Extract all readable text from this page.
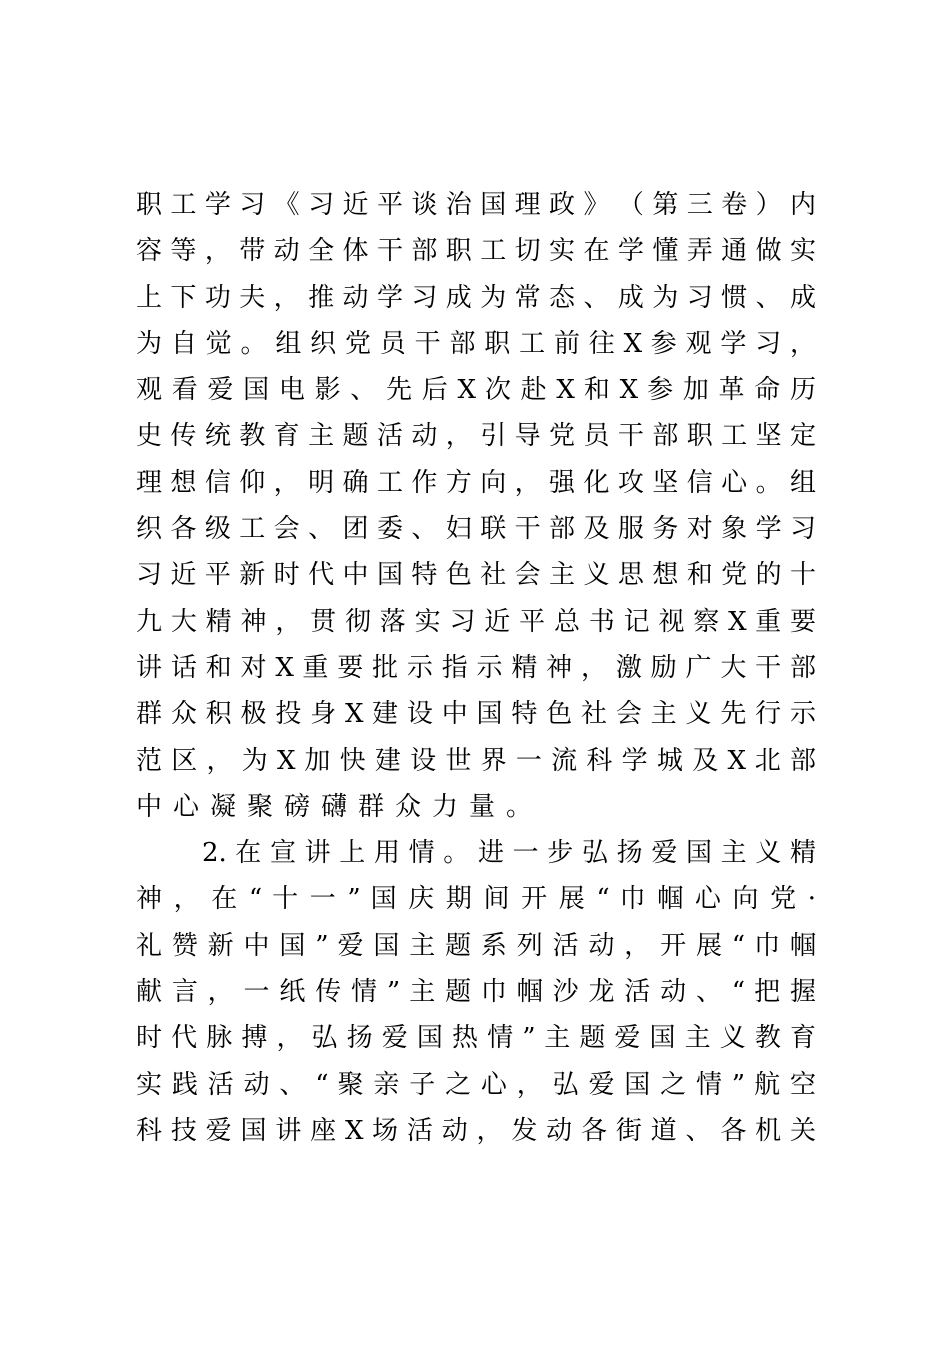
职 工 学 习 《 习 近 平 谈 治 国 理 政 》 （ 第 三 卷 ） 内
容 等 ， 带 动 全 体 干 部 职 工 切 实 在 学 懂 弄 通 做 实
上 下 功 夫 ， 推 动 学 习 成 为 常 态 、 成 为 习 惯 、 成
为 自 觉 。 组 织 党 员 干 部 职 工 前 往 X 参 观 学 习 ，
观 看 爱 国 电 影 、 先 后 X 次 赴 X 和 X 参 加 革 命 历
史 传 统 教 育 主 题 活 动 ， 引 导 党 员 干 部 职 工 坚 定
理 想 信 仰 ， 明 确 工 作 方 向 ， 强 化 攻 坚 信 心 。 组
织 各 级 工 会 、 团 委 、 妇 联 干 部 及 服 务 对 象 学 习
习 近 平 新 时 代 中 国 特 色 社 会 主 义 思 想 和 党 的 十
九 大 精 神 ， 贯 彻 落 实 习 近 平 总 书 记 视 察 X 重 要
讲 话 和 对 X 重 要 批 示 指 示 精 神 ， 激 励 广 大 干 部
群 众 积 极 投 身 X 建 设 中 国 特 色 社 会 主 义 先 行 示
范 区 ， 为 X 加 快 建 设 世 界 一 流 科 学 城 及 X 北 部
中心凝聚磅礴群众力量。
2. 在 宣 讲 上 用 情 。 进 一 步 弘 扬 爱 国 主 义 精
神 ， 在 “ 十 一 ” 国 庆 期 间 开 展 “ 巾 帼 心 向 党 ·
礼 赞 新 中 国 ” 爱 国 主 题 系 列 活 动 ， 开 展 “ 巾 帼
献 言 ， 一 纸 传 情 ” 主 题 巾 帼 沙 龙 活 动 、 “ 把 握
时 代 脉 搏 ， 弘 扬 爱 国 热 情 ” 主 题 爱 国 主 义 教 育
实 践 活 动 、 “ 聚 亲 子 之 心 ， 弘 爱 国 之 情 ” 航 空
科 技 爱 国 讲 座 X 场 活 动 ， 发 动 各 街 道 、 各 机 关
